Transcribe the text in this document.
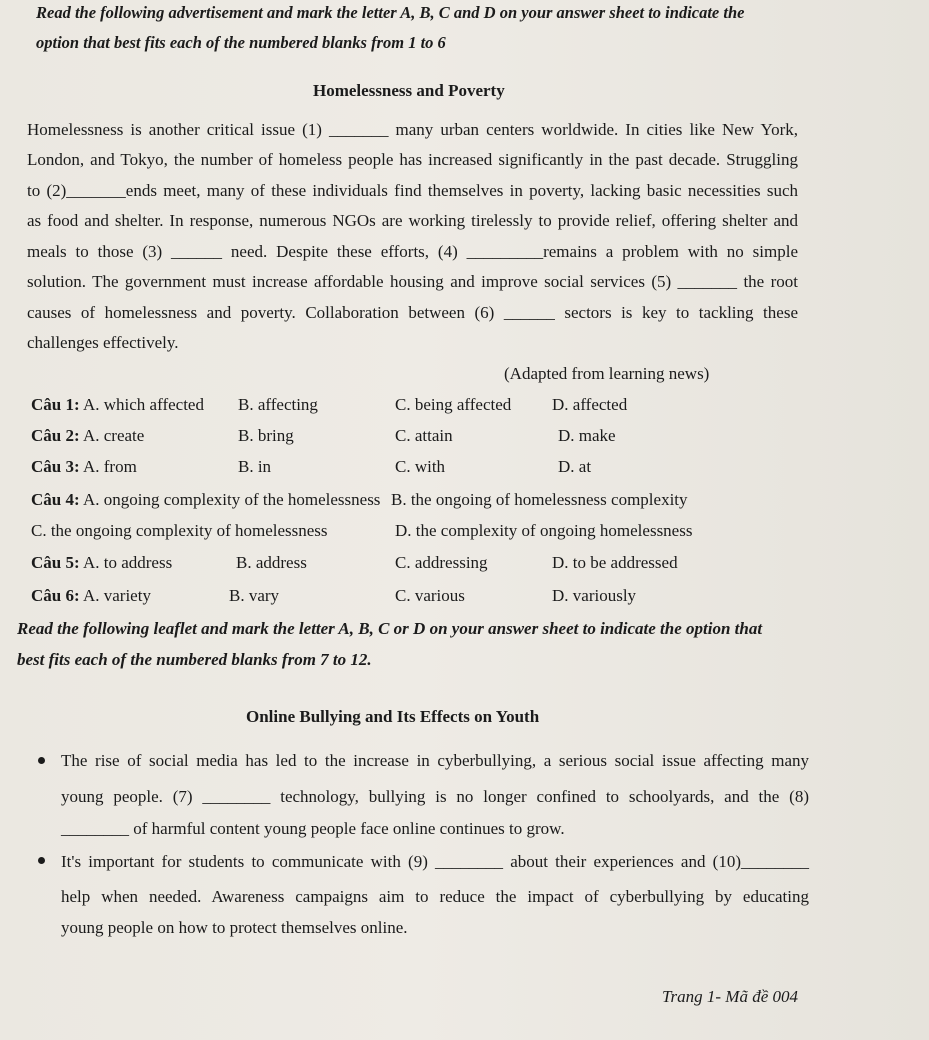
Read the following advertisement and mark the letter A, B, C and D on your answer sheet to indicate the
option that best fits each of the numbered blanks from 1 to 6
Homelessness and Poverty
Homelessness is another critical issue (1) _______ many urban centers worldwide. In cities like New York,
London, and Tokyo, the number of homeless people has increased significantly in the past decade. Struggling
to (2)_______ends meet, many of these individuals find themselves in poverty, lacking basic necessities such
as food and shelter. In response, numerous NGOs are working tirelessly to provide relief, offering shelter and
meals to those (3) ______ need. Despite these efforts, (4) _________remains a problem with no simple
solution. The government must increase affordable housing and improve social services (5) _______ the root
causes of homelessness and poverty. Collaboration between (6) ______ sectors is key to tackling these
challenges effectively.
(Adapted from learning news)
Câu 1: A. which affected B. affecting	C. being affected D. affected
Câu 2: A. create	B. bring	C. attain	D. make
Câu 3: A. from	B. in	C. with	D. at
Câu 4: A. ongoing complexity of the homelessness B. the ongoing of homelessness complexity
C. the ongoing complexity of homelessness	D. the complexity of ongoing homelessness
Câu 5: A. to address	B. address	C. addressing	D. to be addressed
Câu 6: A. variety	B. vary	C. various	D. variously
Read the following leaflet and mark the letter A, B, C or D on your answer sheet to indicate the option that
best fits each of the numbered blanks from 7 to 12.
Online Bullying and Its Effects on Youth
The rise of social media has led to the increase in cyberbullying, a serious social issue affecting many
young people. (7) ________ technology, bullying is no longer confined to schoolyards, and the (8)
________ of harmful content young people face online continues to grow.
It's important for students to communicate with (9) ________ about their experiences and (10)________
help when needed. Awareness campaigns aim to reduce the impact of cyberbullying by educating
young people on how to protect themselves online.
Trang 1- Mã đề 004
